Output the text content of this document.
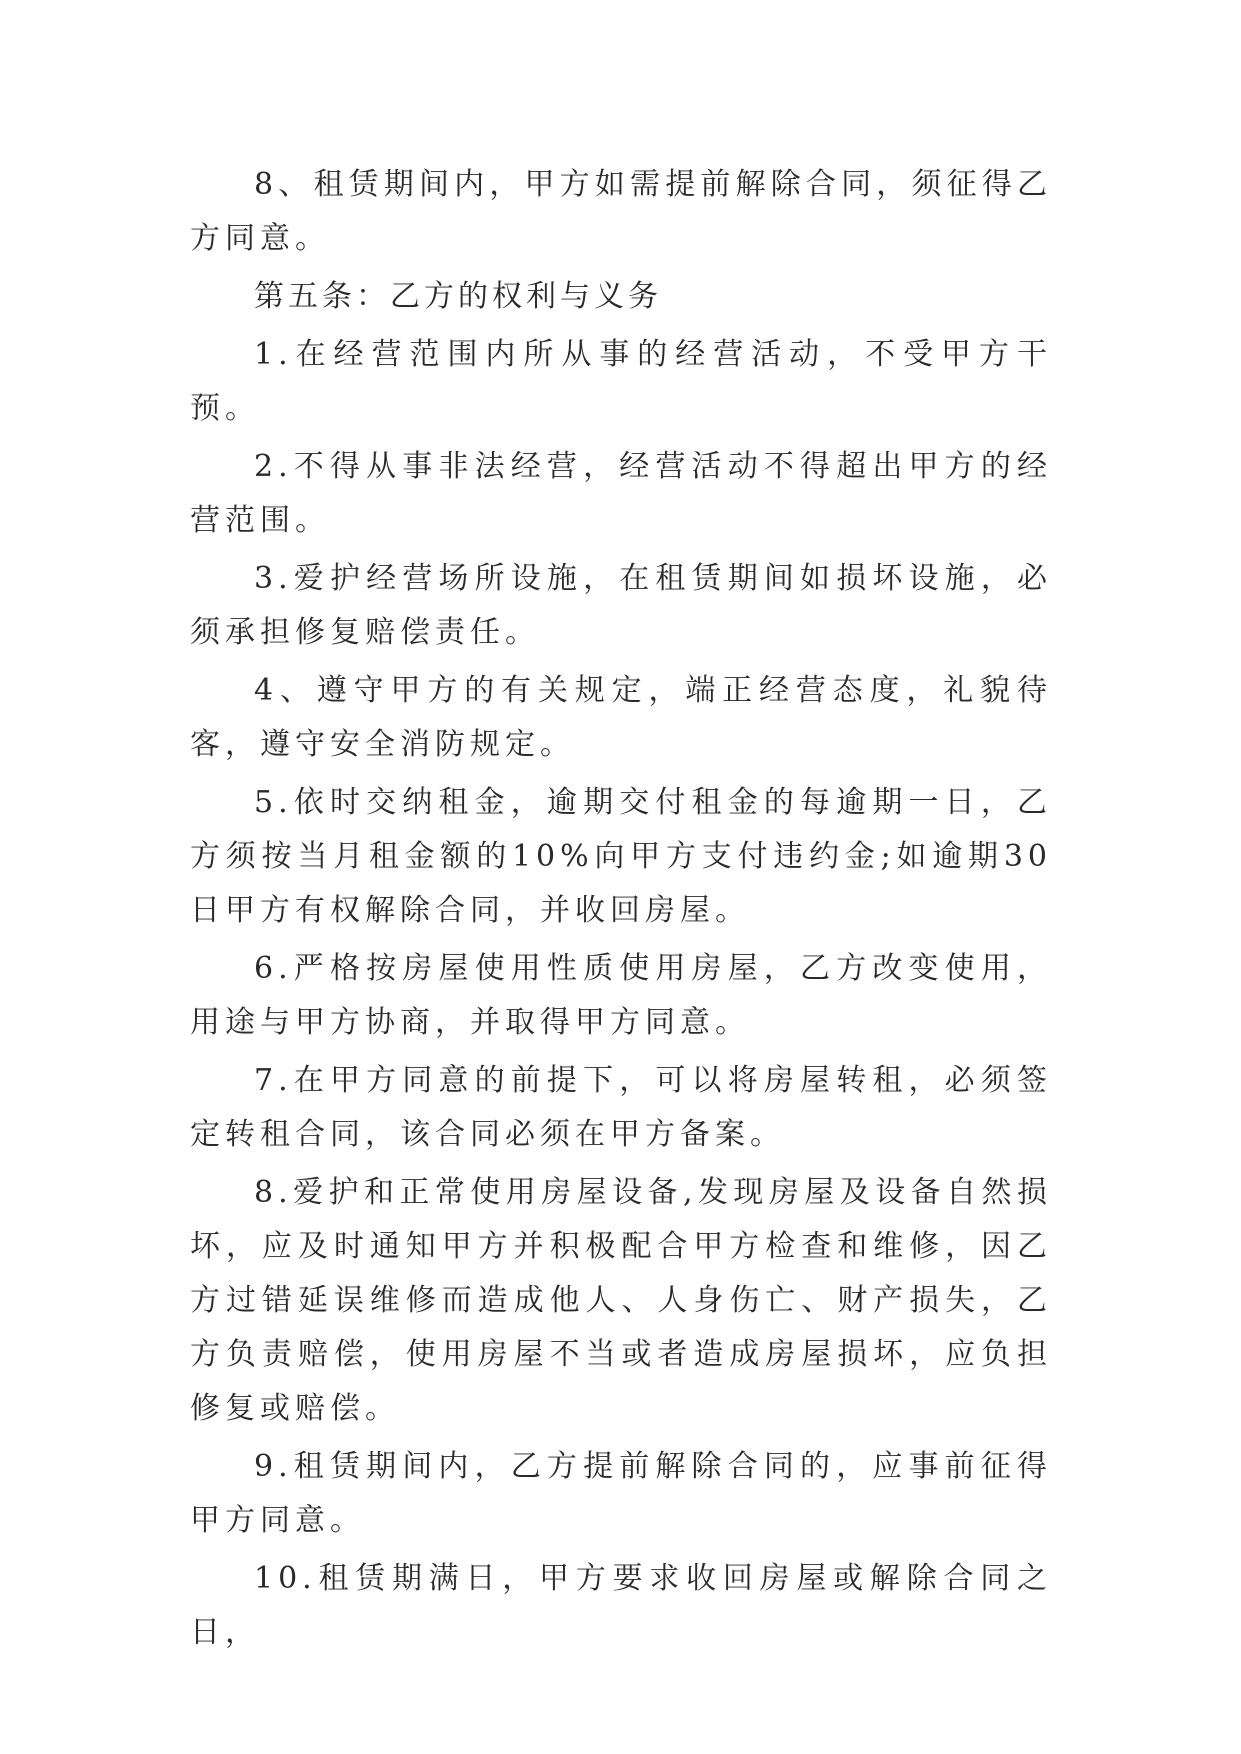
8、租赁期间内，甲方如需提前解除合同，须征得乙方同意。

第五条：乙方的权利与义务

1.在经营范围内所从事的经营活动，不受甲方干预。

2.不得从事非法经营，经营活动不得超出甲方的经营范围。

3.爱护经营场所设施，在租赁期间如损坏设施，必须承担修复赔偿责任。

4、遵守甲方的有关规定，端正经营态度，礼貌待客，遵守安全消防规定。

5.依时交纳租金，逾期交付租金的每逾期一日，乙方须按当月租金额的10%向甲方支付违约金;如逾期30日甲方有权解除合同，并收回房屋。

6.严格按房屋使用性质使用房屋，乙方改变使用，用途与甲方协商，并取得甲方同意。

7.在甲方同意的前提下，可以将房屋转租，必须签定转租合同，该合同必须在甲方备案。

8.爱护和正常使用房屋设备,发现房屋及设备自然损坏，应及时通知甲方并积极配合甲方检查和维修，因乙方过错延误维修而造成他人、人身伤亡、财产损失，乙方负责赔偿，使用房屋不当或者造成房屋损坏，应负担修复或赔偿。

9.租赁期间内，乙方提前解除合同的，应事前征得甲方同意。

10.租赁期满日，甲方要求收回房屋或解除合同之日，
